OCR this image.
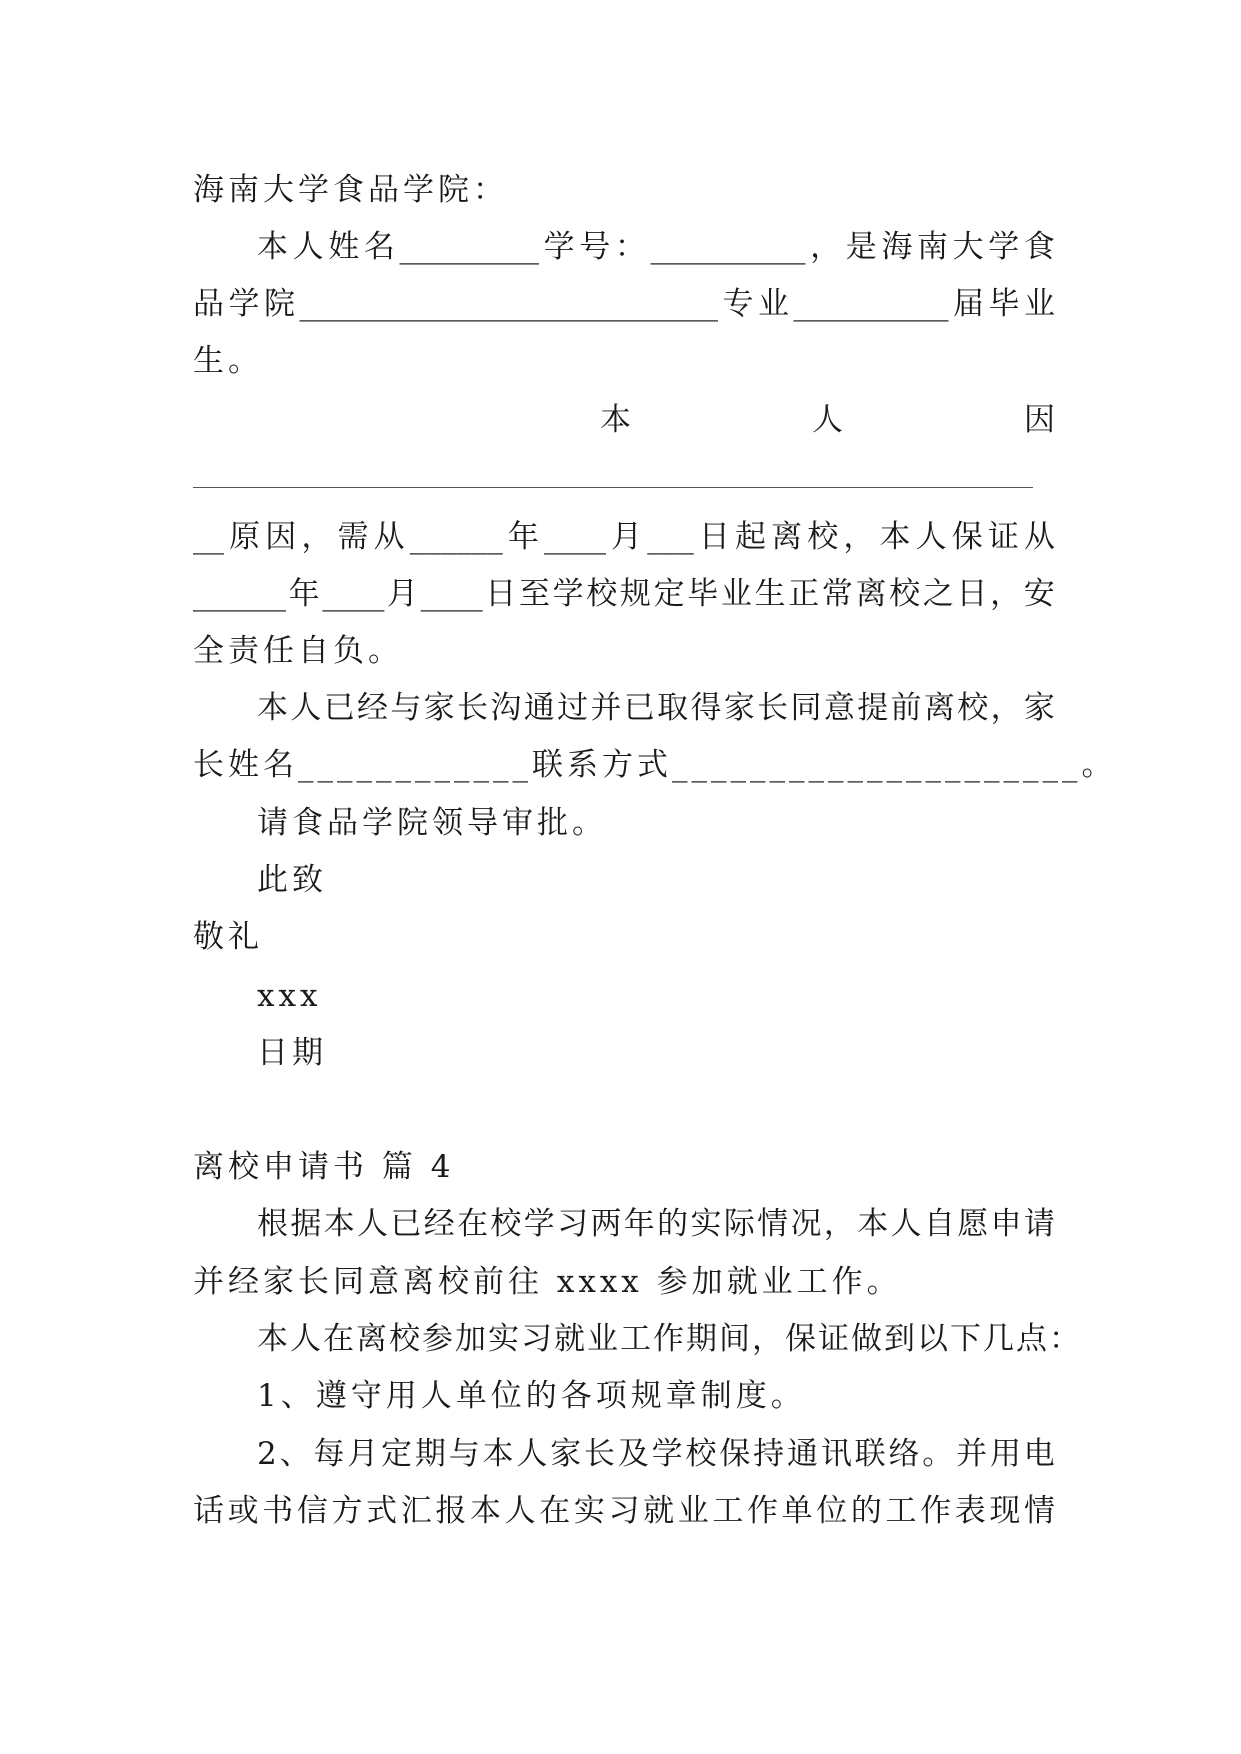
海南大学食品学院：
本 人 姓 名 _________ 学 号 ： __________ ， 是 海 南 大 学 食
品 学 院 ___________________________ 专 业 __________ 届 毕 业
生。
本	人	因
__ 原 因 ， 需 从 ______ 年 ____ 月 ___ 日 起 离 校 ， 本 人 保 证 从
______ 年 ____ 月 ____ 日 至 学 校 规 定 毕 业 生 正 常 离 校 之 日 ， 安
全责任自负。
本 人 已 经 与 家 长 沟 通 过 并 已 取 得 家 长 同 意 提 前 离 校 ， 家
长姓名____________联系方式_____________________。
请食品学院领导审批。
此致
敬礼
xxx
日期
离校申请书 篇 4
根 据 本 人 已 经 在 校 学 习 两 年 的 实 际 情 况 ， 本 人 自 愿 申 请
并经家长同意离校前往 xxxx 参加就业工作。
本人在离校参加实习就业工作期间，保证做到以下几点：
1、遵守用人单位的各项规章制度。
2 、 每 月 定 期 与 本 人 家 长 及 学 校 保 持 通 讯 联 络 。 并 用 电
话 或 书 信 方 式 汇 报 本 人 在 实 习 就 业 工 作 单 位 的 工 作 表 现 情
